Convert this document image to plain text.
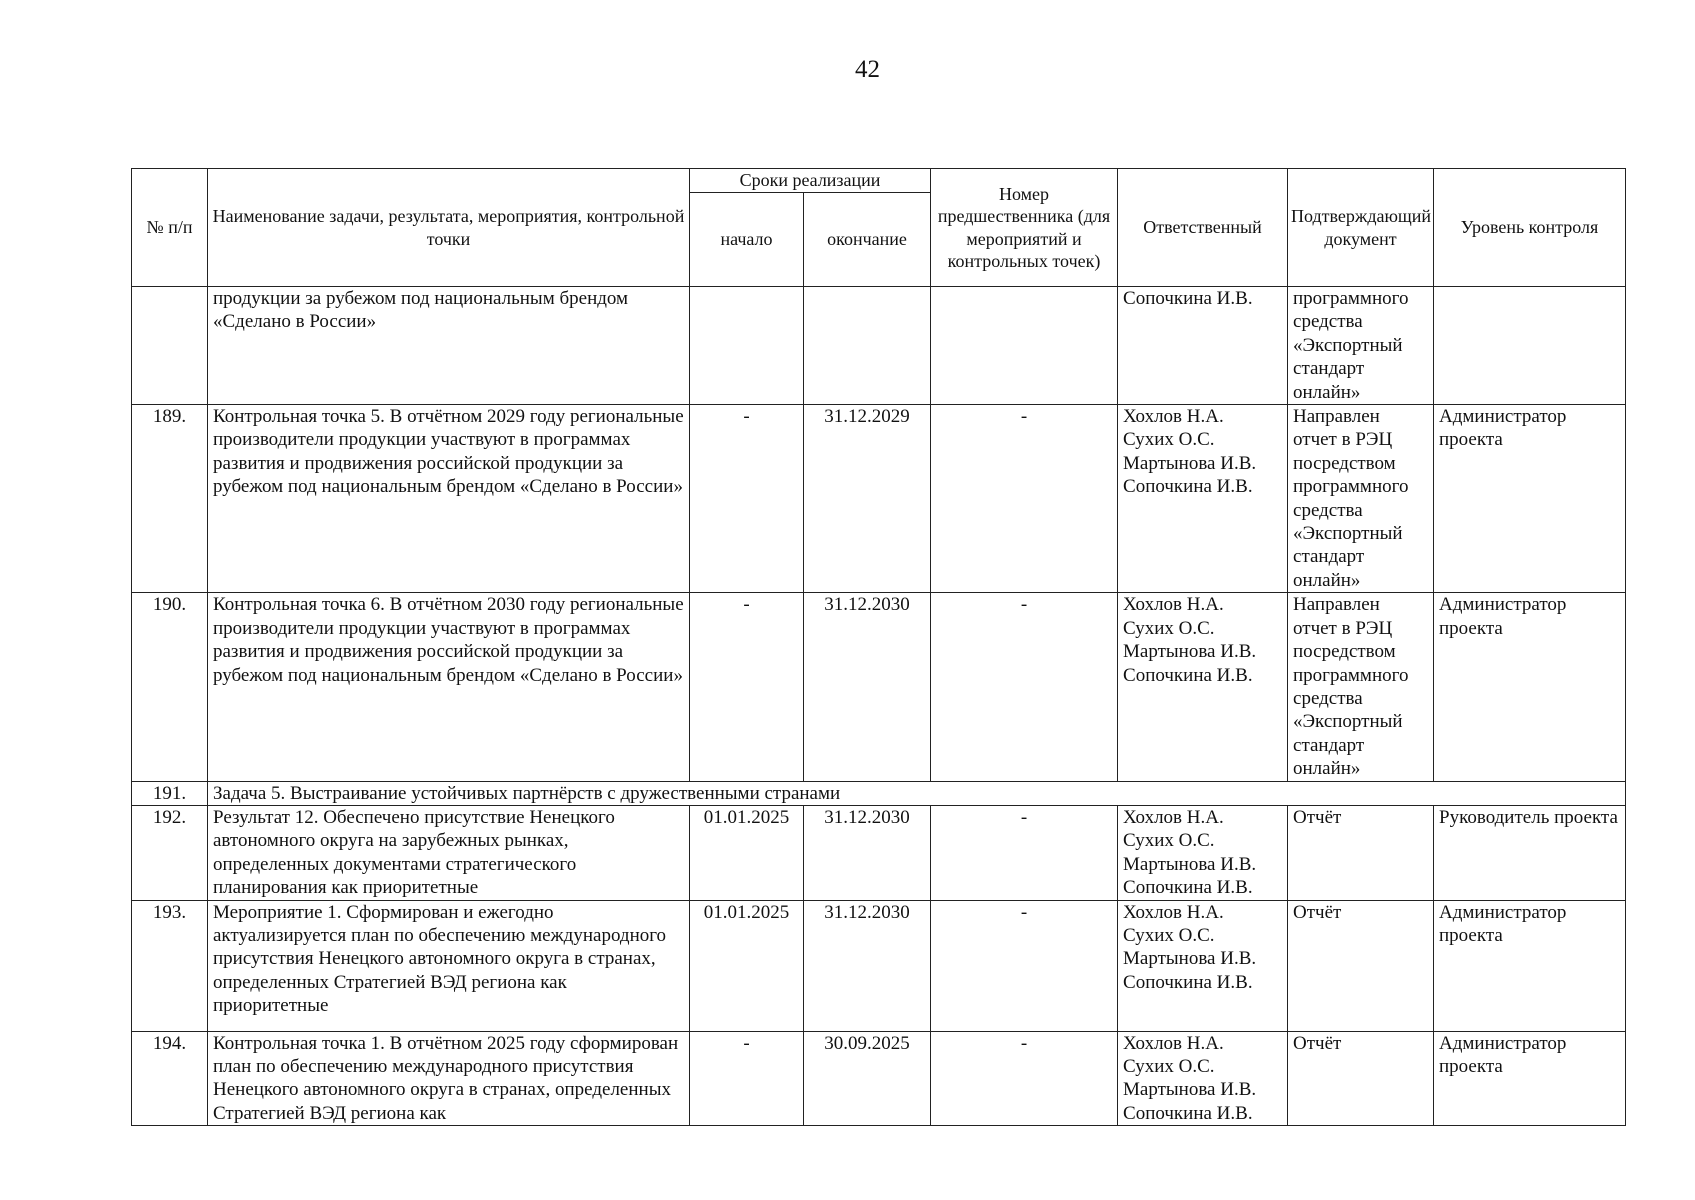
42
№ п/п	Наименование задачи, результата, мероприятия, контрольной точки	Сроки реализации		Номер предшественника (для мероприятий и контрольных точек)	Ответственный	Подтверждающий документ	Уровень контроля
		начало	окончание				
	продукции за рубежом под национальным брендом «Сделано в России»				Сопочкина И.В.	программного средства «Экспортный стандарт онлайн»	
189.	Контрольная точка 5. В отчётном 2029 году региональные производители продукции участвуют в программах развития и продвижения российской продукции за рубежом под национальным брендом «Сделано в России»	-	31.12.2029	-	Хохлов Н.А.
Сухих О.С.
Мартынова И.В.
Сопочкина И.В.	Направлен отчет в РЭЦ посредством программного средства «Экспортный стандарт онлайн»	Администратор проекта
190.	Контрольная точка 6. В отчётном 2030 году региональные производители продукции участвуют в программах развития и продвижения российской продукции за рубежом под национальным брендом «Сделано в России»	-	31.12.2030	-	Хохлов Н.А.
Сухих О.С.
Мартынова И.В.
Сопочкина И.В.	Направлен отчет в РЭЦ посредством программного средства «Экспортный стандарт онлайн»	Администратор проекта
191.	Задача 5. Выстраивание устойчивых партнёрств с дружественными странами						
192.	Результат 12. Обеспечено присутствие Ненецкого автономного округа на зарубежных рынках, определенных документами стратегического планирования как приоритетные	01.01.2025	31.12.2030	-	Хохлов Н.А.
Сухих О.С.
Мартынова И.В.
Сопочкина И.В.	Отчёт	Руководитель проекта
193.	Мероприятие 1. Сформирован и ежегодно актуализируется план по обеспечению международного присутствия Ненецкого автономного округа в странах, определенных Стратегией ВЭД региона как приоритетные	01.01.2025	31.12.2030	-	Хохлов Н.А.
Сухих О.С.
Мартынова И.В.
Сопочкина И.В.	Отчёт	Администратор проекта
194.	Контрольная точка 1. В отчётном 2025 году сформирован план по обеспечению международного присутствия Ненецкого автономного округа в странах, определенных Стратегией ВЭД региона как	-	30.09.2025	-	Хохлов Н.А.
Сухих О.С.
Мартынова И.В.
Сопочкина И.В.	Отчёт	Администратор проекта
